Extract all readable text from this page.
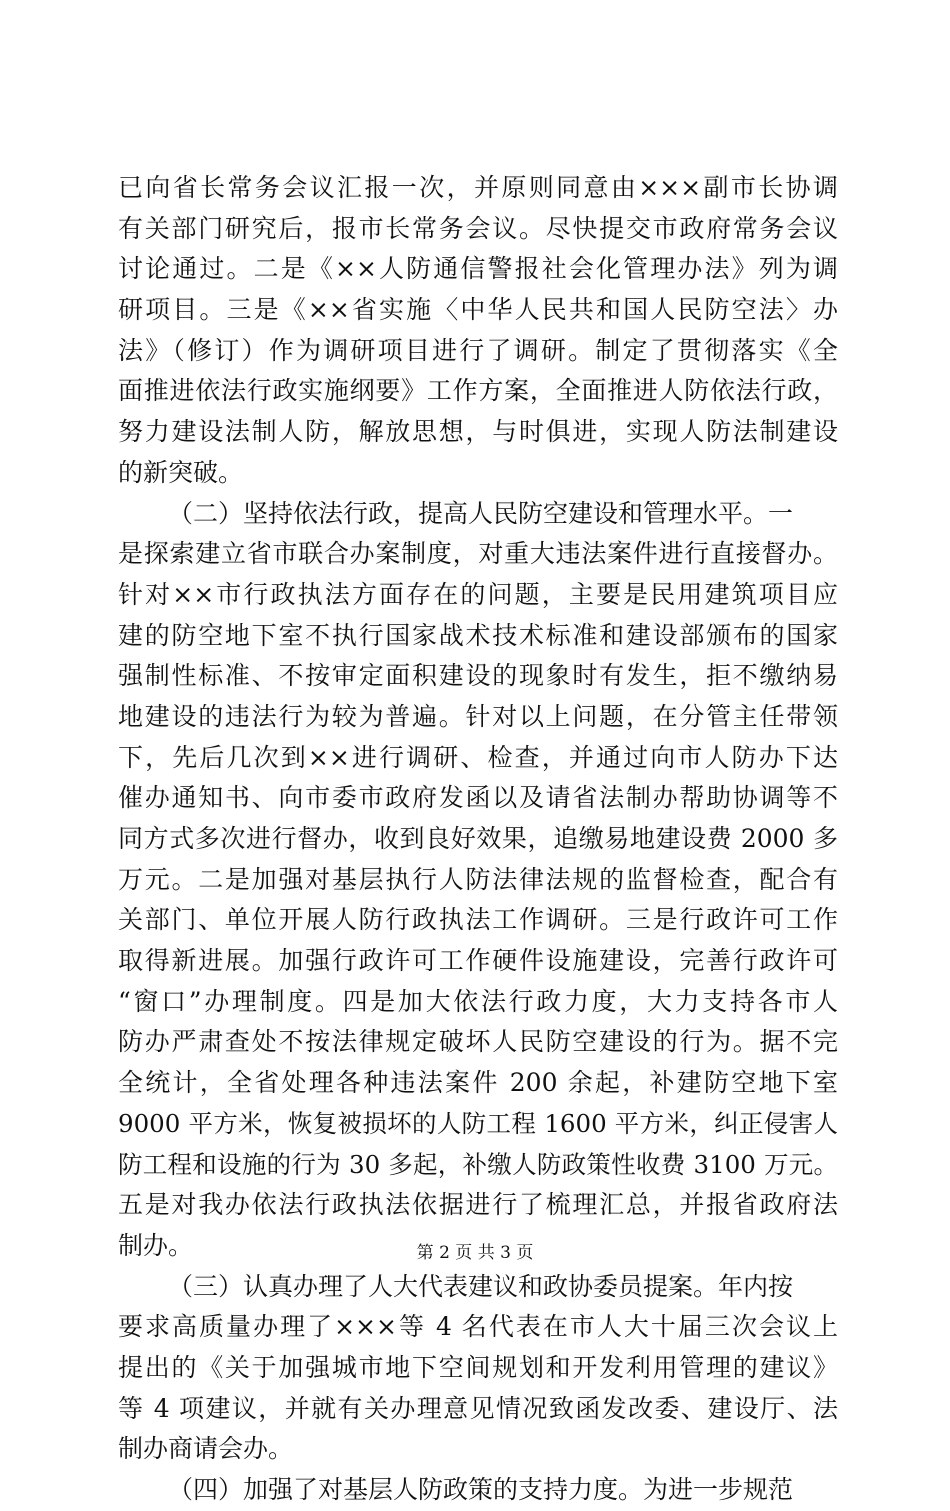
已向省长常务会议汇报一次，并原则同意由×××副市长协调
有关部门研究后，报市长常务会议。尽快提交市政府常务会议
讨论通过。二是《××人防通信警报社会化管理办法》列为调
研项目。三是《××省实施〈中华人民共和国人民防空法〉办
法》（修订）作为调研项目进行了调研。制定了贯彻落实《全
面推进依法行政实施纲要》工作方案，全面推进人防依法行政，
努力建设法制人防，解放思想，与时俱进，实现人防法制建设
的新突破。
（二）坚持依法行政，提高人民防空建设和管理水平。一
是探索建立省市联合办案制度，对重大违法案件进行直接督办。
针对××市行政执法方面存在的问题，主要是民用建筑项目应
建的防空地下室不执行国家战术技术标准和建设部颁布的国家
强制性标准、不按审定面积建设的现象时有发生，拒不缴纳易
地建设的违法行为较为普遍。针对以上问题，在分管主任带领
下，先后几次到××进行调研、检查，并通过向市人防办下达
催办通知书、向市委市政府发函以及请省法制办帮助协调等不
同方式多次进行督办，收到良好效果，追缴易地建设费 2000 多
万元。二是加强对基层执行人防法律法规的监督检查，配合有
关部门、单位开展人防行政执法工作调研。三是行政许可工作
取得新进展。加强行政许可工作硬件设施建设，完善行政许可
“窗口”办理制度。四是加大依法行政力度，大力支持各市人
防办严肃查处不按法律规定破坏人民防空建设的行为。据不完
全统计，全省处理各种违法案件 200 余起，补建防空地下室
9000 平方米，恢复被损坏的人防工程 1600 平方米，纠正侵害人
防工程和设施的行为 30 多起，补缴人防政策性收费 3100 万元。
五是对我办依法行政执法依据进行了梳理汇总，并报省政府法
制办。
（三）认真办理了人大代表建议和政协委员提案。年内按
要求高质量办理了×××等 4 名代表在市人大十届三次会议上
提出的《关于加强城市地下空间规划和开发利用管理的建议》
等 4 项建议，并就有关办理意见情况致函发改委、建设厅、法
制办商请会办。
（四）加强了对基层人防政策的支持力度。为进一步规范
第 2 页 共 3 页
